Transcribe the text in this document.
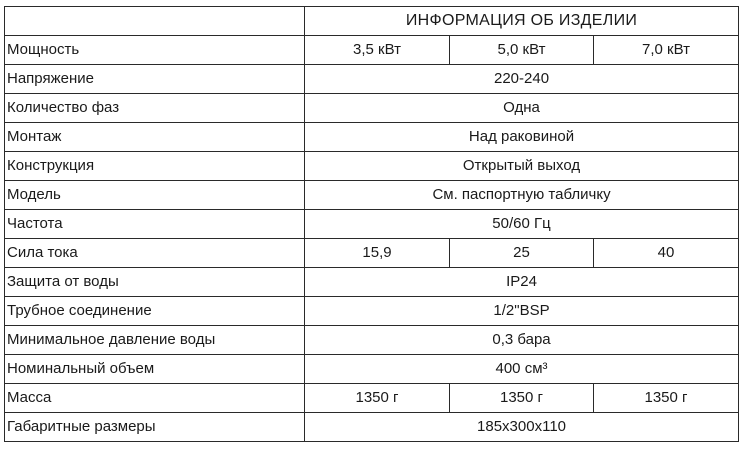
	ИНФОРМАЦИЯ ОБ ИЗДЕЛИИ		
Мощность	3,5 кВт	5,0 кВт	7,0 кВт
Напряжение	220-240		
Количество фаз	Одна		
Монтаж	Над раковиной		
Конструкция	Открытый выход		
Модель	См. паспортную табличку		
Частота	50/60 Гц		
Сила тока	15,9	25	40
Защита от воды	IP24		
Трубное соединение	1/2"BSP		
Минимальное давление воды	0,3 бара		
Номинальный объем	400 см³		
Масса	1350 г	1350 г	1350 г
Габаритные размеры	185x300x110		
